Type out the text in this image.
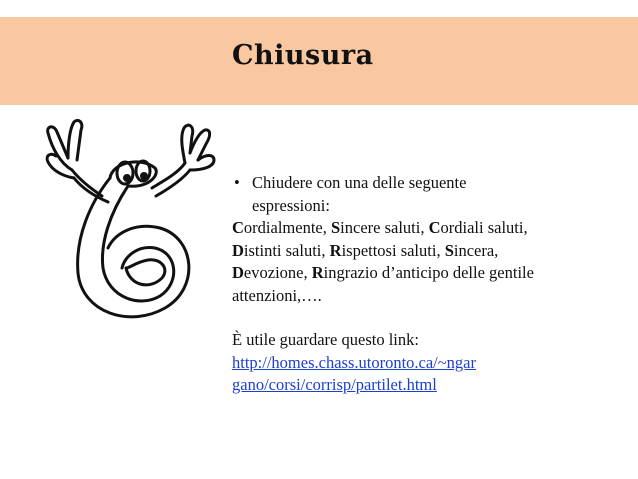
Chiusura
• Chiudere con una delle seguente
espressioni:

Cordialmente, Sincere saluti, Cordiali saluti, Distinti saluti, Rispettosi saluti, Sincera, Devozione, Ringrazio d’anticipo delle gentile attenzioni,….

È utile guardare questo link:

http://homes.chass.utoronto.ca/~ngar
gano/corsi/corrisp/partilet.html
